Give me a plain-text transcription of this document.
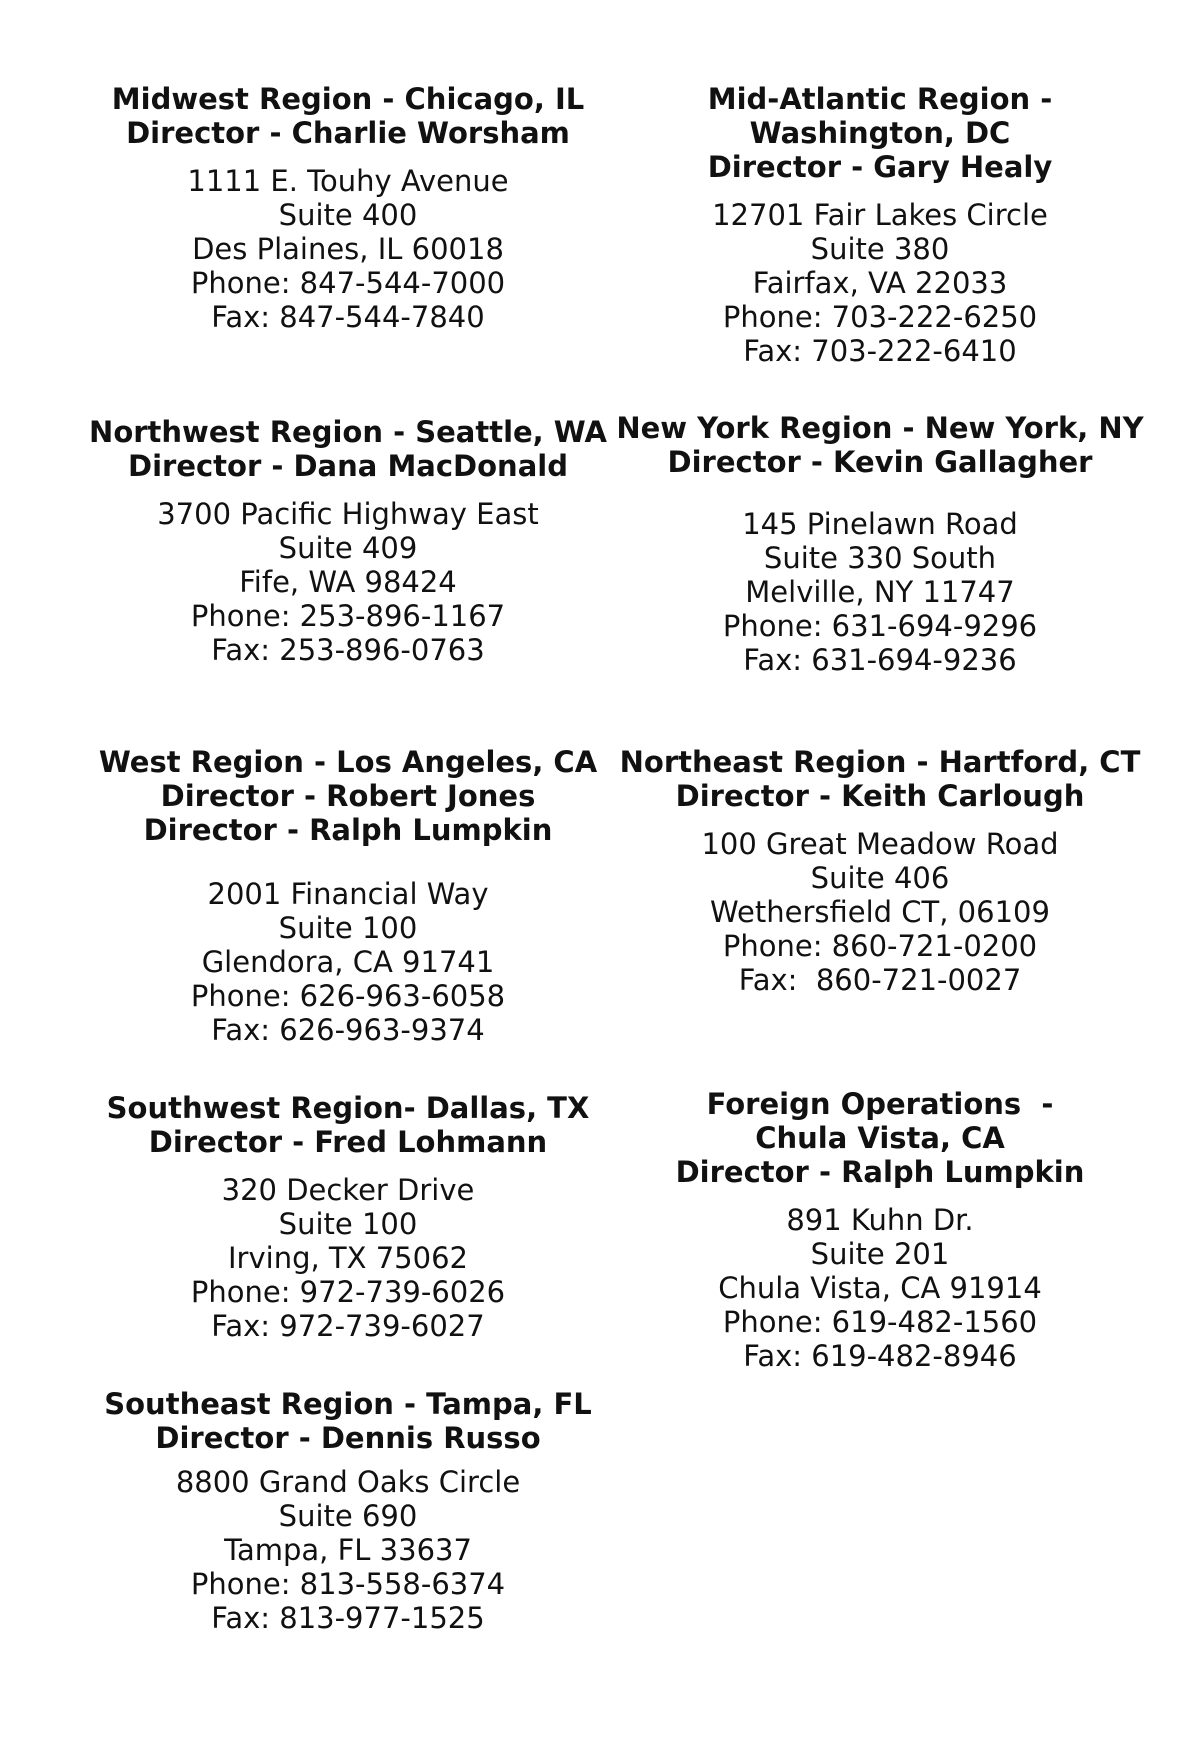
Midwest Region - Chicago, IL
Director - Charlie Worsham
1111 E. Touhy Avenue
Suite 400
Des Plaines, IL 60018
Phone: 847-544-7000
Fax: 847-544-7840
Mid-Atlantic Region -
Washington, DC
Director - Gary Healy
12701 Fair Lakes Circle
Suite 380
Fairfax, VA 22033
Phone: 703-222-6250
Fax: 703-222-6410
Northwest Region - Seattle, WA
Director - Dana MacDonald
3700 Pacific Highway East
Suite 409
Fife, WA 98424
Phone: 253-896-1167
Fax: 253-896-0763
New York Region - New York, NY
Director - Kevin Gallagher
145 Pinelawn Road
Suite 330 South
Melville, NY 11747
Phone: 631-694-9296
Fax: 631-694-9236
West Region - Los Angeles, CA
Director - Robert Jones
Director - Ralph Lumpkin
2001 Financial Way
Suite 100
Glendora, CA 91741
Phone: 626-963-6058
Fax: 626-963-9374
Northeast Region - Hartford, CT
Director - Keith Carlough
100 Great Meadow Road
Suite 406
Wethersfield CT, 06109
Phone: 860-721-0200
Fax:  860-721-0027
Southwest Region- Dallas, TX
Director - Fred Lohmann
320 Decker Drive
Suite 100
Irving, TX 75062
Phone: 972-739-6026
Fax: 972-739-6027
Foreign Operations  -
Chula Vista, CA
Director - Ralph Lumpkin
891 Kuhn Dr.
Suite 201
Chula Vista, CA 91914
Phone: 619-482-1560
Fax: 619-482-8946
Southeast Region - Tampa, FL
Director - Dennis Russo
8800 Grand Oaks Circle
Suite 690
Tampa, FL 33637
Phone: 813-558-6374
Fax: 813-977-1525
